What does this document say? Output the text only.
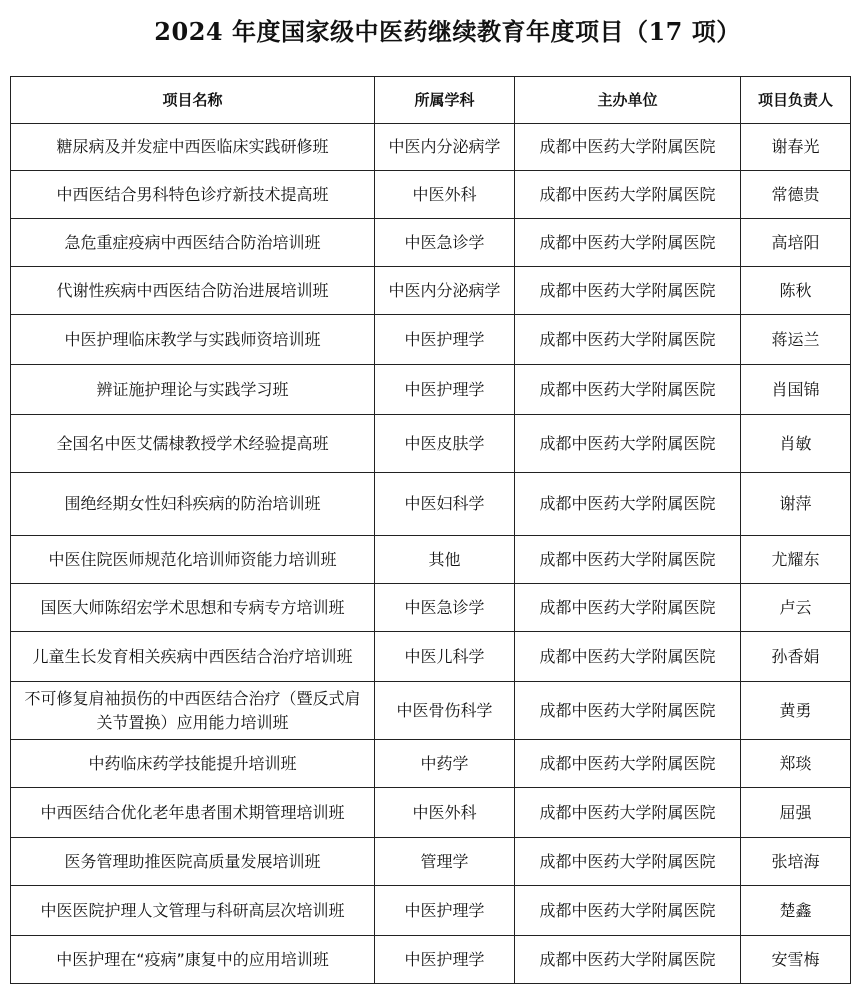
2024 年度国家级中医药继续教育年度项目（17 项）
项目名称	所属学科	主办单位	项目负责人
糖尿病及并发症中西医临床实践研修班	中医内分泌病学	成都中医药大学附属医院	谢春光
中西医结合男科特色诊疗新技术提高班	中医外科	成都中医药大学附属医院	常德贵
急危重症疫病中西医结合防治培训班	中医急诊学	成都中医药大学附属医院	高培阳
代谢性疾病中西医结合防治进展培训班	中医内分泌病学	成都中医药大学附属医院	陈秋
中医护理临床教学与实践师资培训班	中医护理学	成都中医药大学附属医院	蒋运兰
辨证施护理论与实践学习班	中医护理学	成都中医药大学附属医院	肖国锦
全国名中医艾儒棣教授学术经验提高班	中医皮肤学	成都中医药大学附属医院	肖敏
围绝经期女性妇科疾病的防治培训班	中医妇科学	成都中医药大学附属医院	谢萍
中医住院医师规范化培训师资能力培训班	其他	成都中医药大学附属医院	尤耀东
国医大师陈绍宏学术思想和专病专方培训班	中医急诊学	成都中医药大学附属医院	卢云
儿童生长发育相关疾病中西医结合治疗培训班	中医儿科学	成都中医药大学附属医院	孙香娟
不可修复肩袖损伤的中西医结合治疗（暨反式肩关节置换）应用能力培训班	中医骨伤科学	成都中医药大学附属医院	黄勇
中药临床药学技能提升培训班	中药学	成都中医药大学附属医院	郑琰
中西医结合优化老年患者围术期管理培训班	中医外科	成都中医药大学附属医院	屈强
医务管理助推医院高质量发展培训班	管理学	成都中医药大学附属医院	张培海
中医医院护理人文管理与科研高层次培训班	中医护理学	成都中医药大学附属医院	楚鑫
中医护理在“疫病”康复中的应用培训班	中医护理学	成都中医药大学附属医院	安雪梅
